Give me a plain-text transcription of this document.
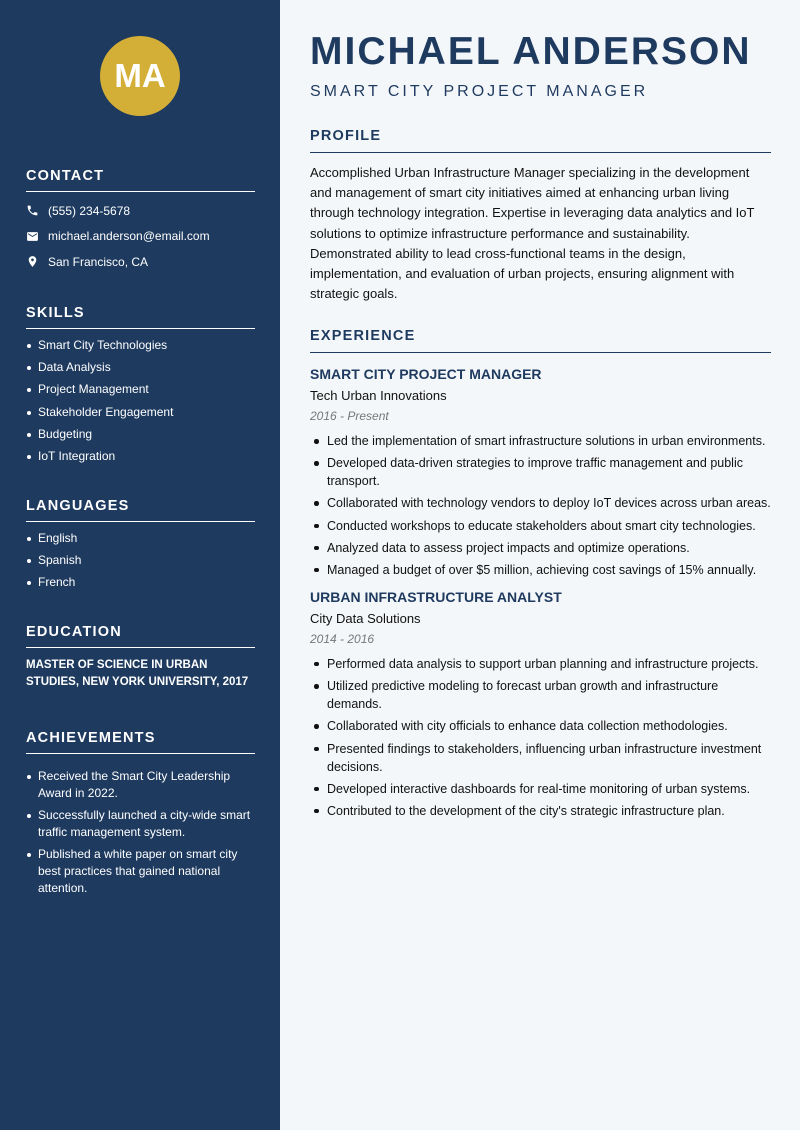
MA
CONTACT
(555) 234-5678
michael.anderson@email.com
San Francisco, CA
SKILLS
Smart City Technologies
Data Analysis
Project Management
Stakeholder Engagement
Budgeting
IoT Integration
LANGUAGES
English
Spanish
French
EDUCATION
MASTER OF SCIENCE IN URBAN STUDIES, NEW YORK UNIVERSITY, 2017
ACHIEVEMENTS
Received the Smart City Leadership Award in 2022.
Successfully launched a city-wide smart traffic management system.
Published a white paper on smart city best practices that gained national attention.
MICHAEL ANDERSON
SMART CITY PROJECT MANAGER
PROFILE

Accomplished Urban Infrastructure Manager specializing in the development and management of smart city initiatives aimed at enhancing urban living through technology integration. Expertise in leveraging data analytics and IoT solutions to optimize infrastructure performance and sustainability. Demonstrated ability to lead cross-functional teams in the design, implementation, and evaluation of urban projects, ensuring alignment with strategic goals.

EXPERIENCE
SMART CITY PROJECT MANAGER
Tech Urban Innovations
2016 - Present
Led the implementation of smart infrastructure solutions in urban environments.
Developed data-driven strategies to improve traffic management and public transport.
Collaborated with technology vendors to deploy IoT devices across urban areas.
Conducted workshops to educate stakeholders about smart city technologies.
Analyzed data to assess project impacts and optimize operations.
Managed a budget of over $5 million, achieving cost savings of 15% annually.
URBAN INFRASTRUCTURE ANALYST
City Data Solutions
2014 - 2016
Performed data analysis to support urban planning and infrastructure projects.
Utilized predictive modeling to forecast urban growth and infrastructure demands.
Collaborated with city officials to enhance data collection methodologies.
Presented findings to stakeholders, influencing urban infrastructure investment decisions.
Developed interactive dashboards for real-time monitoring of urban systems.
Contributed to the development of the city's strategic infrastructure plan.
